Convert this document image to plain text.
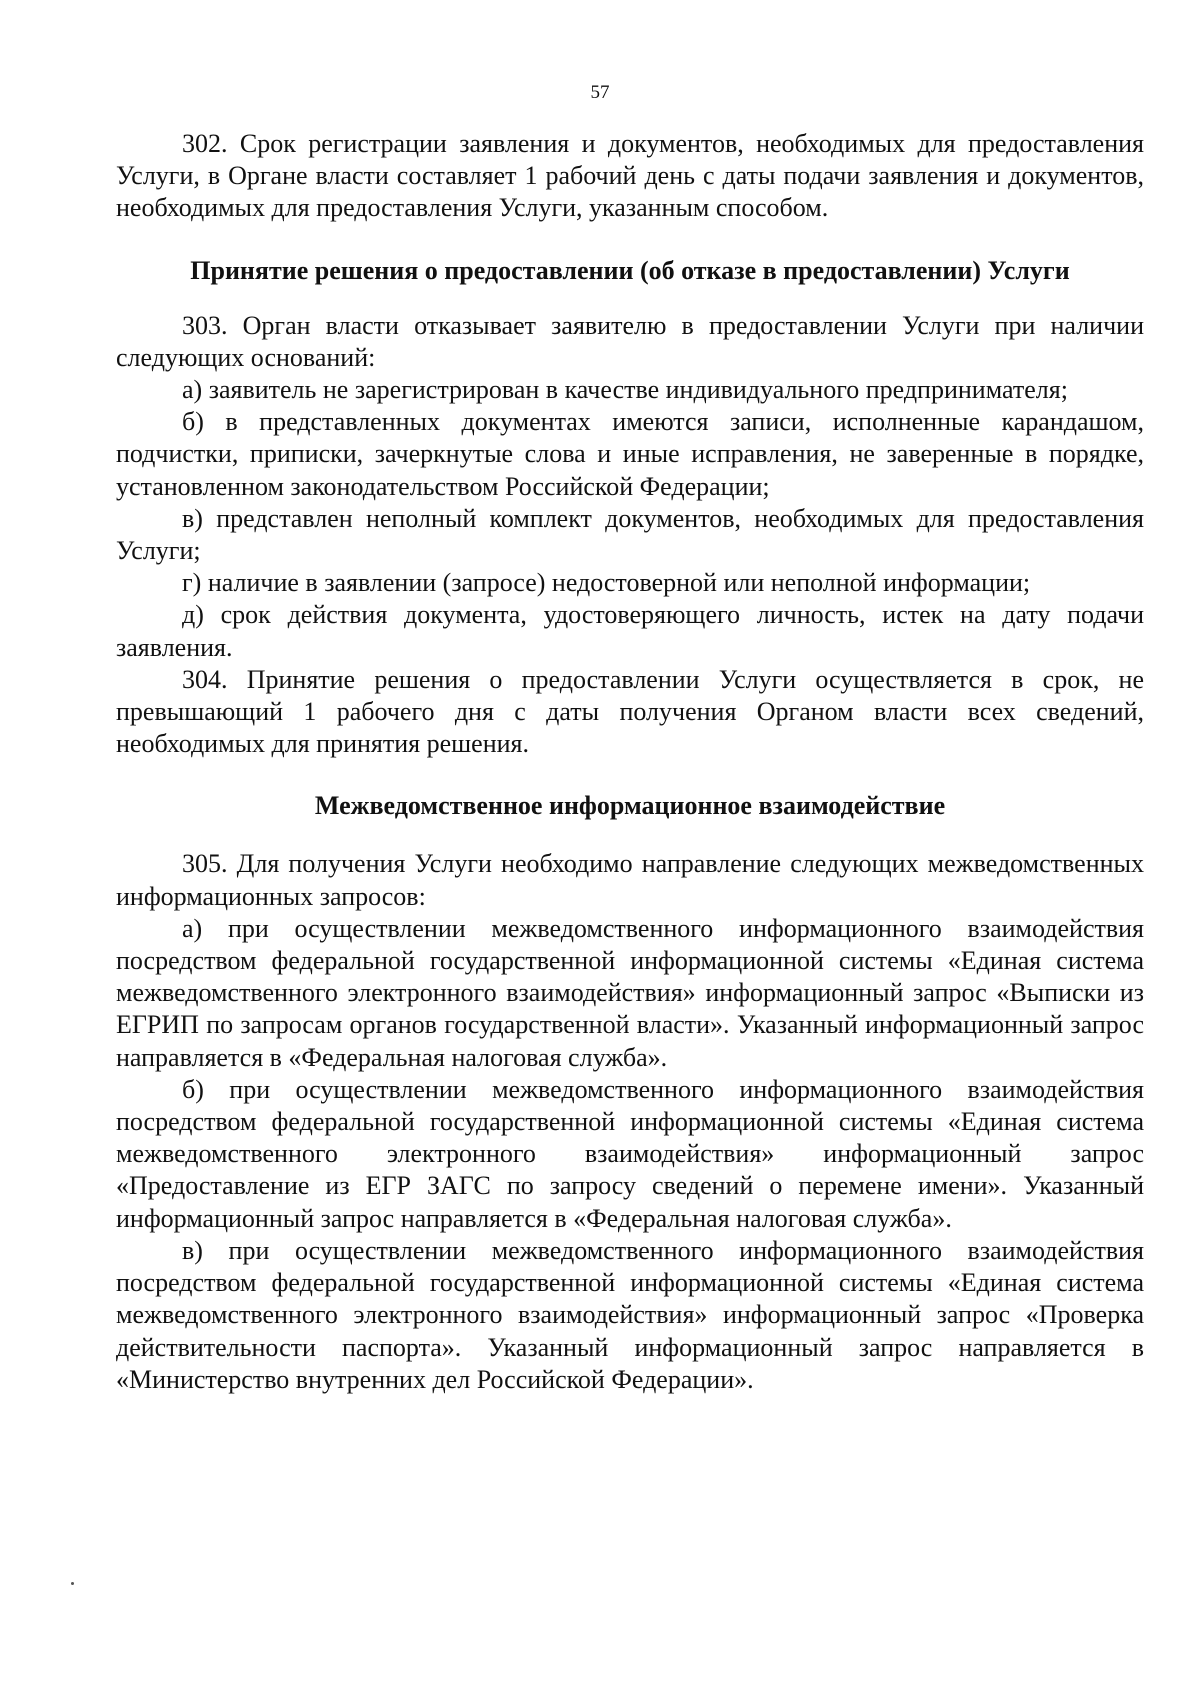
57

302. Срок регистрации заявления и документов, необходимых для предоставления Услуги, в Органе власти составляет 1 рабочий день с даты подачи заявления и документов, необходимых для предоставления Услуги, указанным способом.

Принятие решения о предоставлении (об отказе в предоставлении) Услуги

303. Орган власти отказывает заявителю в предоставлении Услуги при наличии следующих оснований:

а) заявитель не зарегистрирован в качестве индивидуального предпринимателя;

б) в представленных документах имеются записи, исполненные карандашом, подчистки, приписки, зачеркнутые слова и иные исправления, не заверенные в порядке, установленном законодательством Российской Федерации;

в) представлен неполный комплект документов, необходимых для предоставления Услуги;

г) наличие в заявлении (запросе) недостоверной или неполной информации;

д) срок действия документа, удостоверяющего личность, истек на дату подачи заявления.

304. Принятие решения о предоставлении Услуги осуществляется в срок, не превышающий 1 рабочего дня с даты получения Органом власти всех сведений, необходимых для принятия решения.

Межведомственное информационное взаимодействие

305. Для получения Услуги необходимо направление следующих межведомственных информационных запросов:

а) при осуществлении межведомственного информационного взаимодействия посредством федеральной государственной информационной системы «Единая система межведомственного электронного взаимодействия» информационный запрос «Выписки из ЕГРИП по запросам органов государственной власти». Указанный информационный запрос направляется в «Федеральная налоговая служба».

б) при осуществлении межведомственного информационного взаимодействия посредством федеральной государственной информационной системы «Единая система межведомственного электронного взаимодействия» информационный запрос «Предоставление из ЕГР ЗАГС по запросу сведений о перемене имени». Указанный информационный запрос направляется в «Федеральная налоговая служба».

в) при осуществлении межведомственного информационного взаимодействия посредством федеральной государственной информационной системы «Единая система межведомственного электронного взаимодействия» информационный запрос «Проверка действительности паспорта». Указанный информационный запрос направляется в «Министерство внутренних дел Российской Федерации».
